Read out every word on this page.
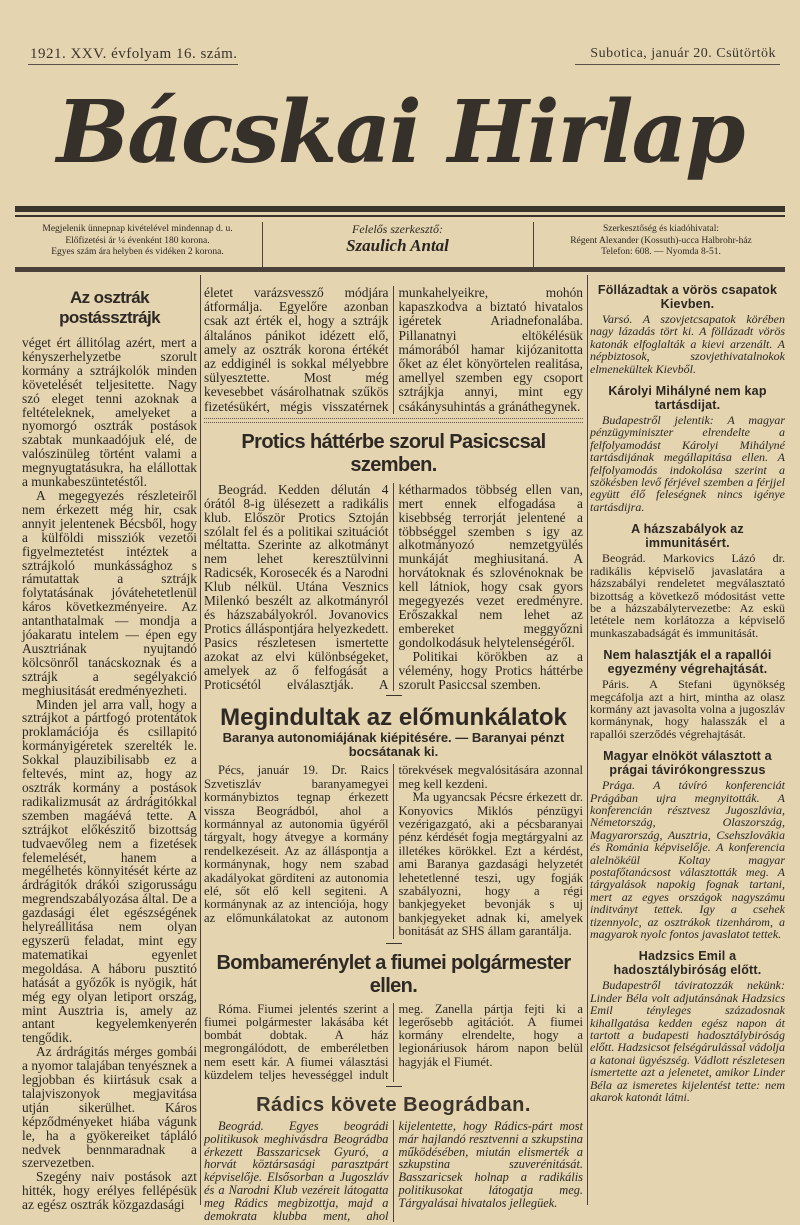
1921. XXV. évfolyam 16. szám.	Subotica, január 20. Csütörtök
Bácskai Hirlap
Megjelenik ünnepnap kivételével mindennap d. u.
Előfizetési ár ¼ évenként 180 korona.
Egyes szám ára helyben és vidéken 2 korona.
Felelős szerkesztő:
Szaulich Antal
Szerkesztőség és kiadóhivatal:
Régent Alexander (Kossuth)-ucca Halbrohr-ház
Telefon: 608. — Nyomda 8-51.
Az osztrák postássztrájk

véget ért állitólag azért, mert a kényszerhelyzetbe szorult kormány a sztrájkolók minden követelését teljesitette. Nagy szó eleget tenni azoknak a feltételeknek, amelyeket a nyomorgó osztrák postások szabtak munkaadójuk elé, de valószinüleg történt valami a megnyugtatásukra, ha elállottak a munkabeszüntetéstől.

A megegyezés részleteiről nem érkezett még hir, csak annyit jelentenek Bécsből, hogy a külföldi missziók vezetői figyelmeztetést intéztek a sztrájkoló munkássághoz s rámutattak a sztrájk folytatásának jóvátehetetlenül káros következményeire. Az antanthatalmak — mondja a jóakaratu intelem — épen egy Ausztriának nyujtandó kölcsönről tanácskoznak és a sztrájk a segélyakció meghiusitását eredményezheti.

Minden jel arra vall, hogy a sztrájkot a pártfogó protentátok proklamációja és csillapitó kormányigéretek szerelték le. Sokkal plauzibilisabb ez a feltevés, mint az, hogy az osztrák kormány a postások radikalizmusát az árdrágitókkal szemben magáévá tette. A sztrájkot előkészitő bizottság tudvaevőleg nem a fizetések felemelését, hanem a megélhetés könnyitését kérte az árdrágitók drákói szigorusságu megrendszabályozása által. De a gazdasági élet egészségének helyreállitása nem olyan egyszerü feladat, mint egy matematikai egyenlet megoldása. A háboru pusztitó hatását a győzők is nyögik, hát még egy olyan letiport ország, mint Ausztria is, amely az antant kegyelemkenyerén tengődik.

Az árdrágitás mérges gombái a nyomor talajában tenyésznek a legjobban és kiirtásuk csak a talajviszonyok megjavitása utján sikerülhet. Káros képződményeket hiába vágunk le, ha a gyökereiket tápláló nedvek bennmaradnak a szervezetben.

Szegény naiv postások azt hitték, hogy erélyes fellépésük az egész osztrák közgazdasági

életet varázsvessző módjára átformálja. Egyelőre azonban csak azt érték el, hogy a sztrájk általános pánikot idézett elő, amely az osztrák korona értékét az eddiginél is sokkal mélyebbre sülyesztette. Most még kevesebbet vásárolhatnak szűkös fizetésükért, mégis visszatérnek munkahelyeikre, mohón kapaszkodva a biztató hivatalos igéretek Ariadnefonalába. Pillanatnyi eltökélésük mámorából hamar kijózanitotta őket az élet könyörtelen realitása, amellyel szemben egy csoport sztrájkja annyi, mint egy csákánysuhintás a gránáthegynek.

Protics háttérbe szorul Pasicscsal szemben.

Beográd. Kedden délután 4 órától 8-ig ülésezett a radikális klub. Először Protics Sztoján szólalt fel és a politikai szituációt méltatta. Szerinte az alkotmányt nem lehet keresztülvinni Radicsék, Korosecék és a Narodni Klub nélkül. Utána Vesznics Milenkó beszélt az alkotmányról és házszabályokról. Jovanovics Protics álláspontjára helyezkedett. Pasics részletesen ismertette azokat az elvi különbségeket, amelyek az ő felfogását a Proticsétól elválasztják. A kétharmados többség ellen van, mert ennek elfogadása a kisebbség terrorját jelentené a többséggel szemben s igy az alkotmányozó nemzetgyülés munkáját meghiusitaná. A horvátoknak és szlovénoknak be kell látniok, hogy csak gyors megegyezés vezet eredményre. Erőszakkal nem lehet az embereket meggyőzni gondolkodásuk helytelenségéről.

Politikai körökben az a vélemény, hogy Protics háttérbe szorult Pasiccsal szemben.

Megindultak az előmunkálatok
Baranya autonomiájának kiépitésére. — Baranyai pénzt bocsátanak ki.

Pécs, január 19. Dr. Raics Szvetiszláv baranyamegyei kormánybiztos tegnap érkezett vissza Beográdból, ahol a kormánnyal az autonomia ügyéről tárgyalt, hogy átvegye a kormány rendelkezéseit. Az az álláspontja a kormánynak, hogy nem szabad akadályokat görditeni az autonomia elé, sőt elő kell segiteni. A kormánynak az az intenciója, hogy az előmunkálatokat az autonom törekvések megvalósitására azonnal meg kell kezdeni.

Ma ugyancsak Pécsre érkezett dr. Konyovics Miklós pénzügyi vezérigazgató, aki a pécsbaranyai pénz kérdését fogja megtárgyalni az illetékes körökkel. Ezt a kérdést, ami Baranya gazdasági helyzetét lehetetlenné teszi, ugy fogják szabályozni, hogy a régi bankjegyeket bevonják s uj bankjegyeket adnak ki, amelyek bonitását az SHS állam garantálja.

Bombamerénylet a fiumei polgármester ellen.

Róma. Fiumei jelentés szerint a fiumei polgármester lakásába két bombát dobtak. A ház megrongálódott, de emberéletben nem esett kár. A fiumei választási küzdelem teljes hevességgel indult meg. Zanella pártja fejti ki a legerősebb agitációt. A fiumei kormány elrendelte, hogy a legionáriusok három napon belül hagyják el Fiumét.

Rádics követe Beográdban.

Beográd. Egyes beográdi politikusok meghivásdra Beográdba érkezett Basszaricsek Gyuró, a horvát köztársasági parasztpárt képviselője. Elsősorban a Jugoszláv és a Narodni Klub vezéreit látogatta meg Rádics megbizottja, majd a demokrata klubba ment, ahol kijelentette, hogy Rádics-párt most már hajlandó resztvenni a szkupstina működésében, miután elismerték a szkupstina szuverénitását. Basszaricsek holnap a radikális politikusokat látogatja meg. Tárgyalásai hivatalos jellegüek.

Föllázadtak a vörös csapatok Kievben.

Varsó. A szovjetcsapatok körében nagy lázadás tört ki. A föllázadt vörös katonák elfoglalták a kievi arzenált. A népbiztosok, szovjethivatalnokok elmenekültek Kievből.

Károlyi Mihályné nem kap tartásdijat.

Budapestről jelentik: A magyar pénzügyminiszter elrendelte a felfolyamodást Károlyi Mihályné tartásdijának megállapitása ellen. A felfolyamodás indokolása szerint a szökésben levő férjével szemben a férjjel együtt élő feleségnek nincs igénye tartásdijra.

A házszabályok az immunitásért.

Beográd. Markovics Lázó dr. radikális képviselő javaslatára a házszabályi rendeletet megválasztató bizottság a következő módositást vette be a házszabálytervezetbe: Az eskü letétele nem korlátozza a képviselő munkaszabadságát és immunitását.

Nem halasztják el a rapallói egyezmény végrehajtását.

Páris. A Stefani ügynökség megcáfolja azt a hirt, mintha az olasz kormány azt javasolta volna a jugoszláv kormánynak, hogy halasszák el a rapallói szerződés végrehajtását.

Magyar elnököt választott a prágai távirókongresszus

Prága. A távíró konferenciát Prágában ujra megnyitották. A konferencián résztvesz Jugoszlávia, Németország, Olaszország, Magyarország, Ausztria, Csehszlovákia és Románia képviselője. A konferencia alelnökéül Koltay magyar postafőtanácsost választották meg. A tárgyalások napokig fognak tartani, mert az egyes országok nagyszámu inditványt tettek. Igy a csehek tizennyolc, az osztrákok tizenhárom, a magyarok nyolc fontos javaslatot tettek.

Hadzsics Emil a hadosztálybiróság előtt.

Budapestről táviratozzák nekünk: Linder Béla volt adjutánsának Hadzsics Emil tényleges századosnak kihallgatása kedden egész napon át tartott a budapesti hadosztálybiróság előtt. Hadzsicsot felségárulással vádolja a katonai ügyészség. Vádlott részletesen ismertette azt a jelenetet, amikor Linder Béla az ismeretes kijelentést tette: nem akarok katonát látni.
